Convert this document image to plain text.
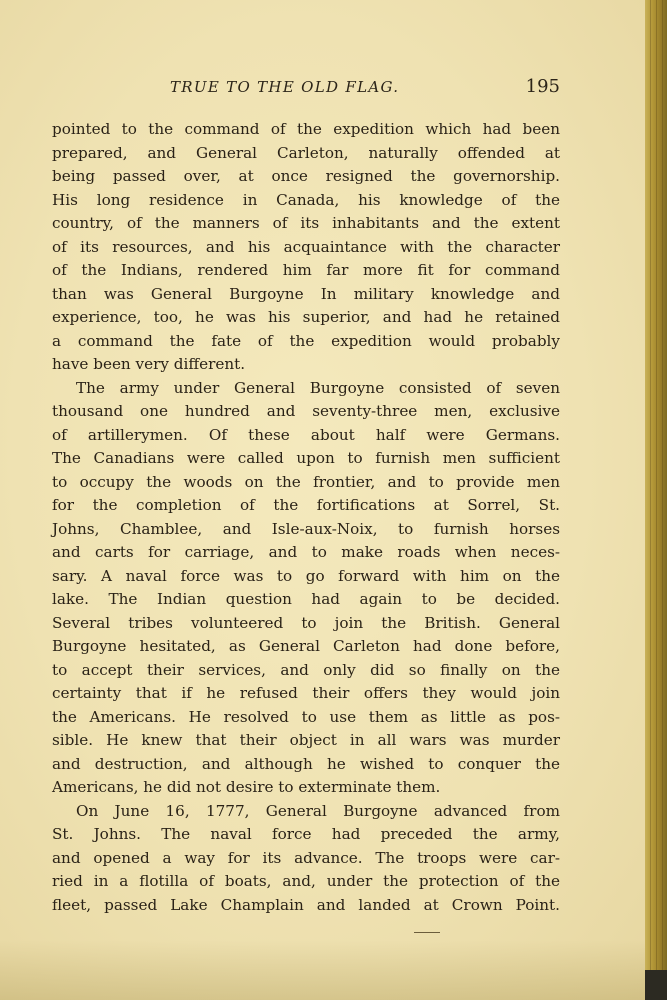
TRUE TO THE OLD FLAG.	195
pointed to the command of the expedition which had been
prepared, and General Carleton, naturally offended at
being passed over, at once resigned the governorship.
His long residence in Canada, his knowledge of the
country, of the manners of its inhabitants and the extent
of its resources, and his acquaintance with the character
of the Indians, rendered him far more fit for command
than was General Burgoyne In military knowledge and
experience, too, he was his superior, and had he retained
a command the fate of the expedition would probably
have been very different.
The army under General Burgoyne consisted of seven
thousand one hundred and seventy-three men, exclusive
of artillerymen. Of these about half were Germans.
The Canadians were called upon to furnish men sufficient
to occupy the woods on the frontier, and to provide men
for the completion of the fortifications at Sorrel, St.
Johns, Chamblee, and Isle-aux-Noix, to furnish horses
and carts for carriage, and to make roads when neces-
sary. A naval force was to go forward with him on the
lake. The Indian question had again to be decided.
Several tribes volunteered to join the British. General
Burgoyne hesitated, as General Carleton had done before,
to accept their services, and only did so finally on the
certainty that if he refused their offers they would join
the Americans. He resolved to use them as little as pos-
sible. He knew that their object in all wars was murder
and destruction, and although he wished to conquer the
Americans, he did not desire to exterminate them.
On June 16, 1777, General Burgoyne advanced from
St. Johns. The naval force had preceded the army,
and opened a way for its advance. The troops were car-
ried in a flotilla of boats, and, under the protection of the
fleet, passed Lake Champlain and landed at Crown Point.
